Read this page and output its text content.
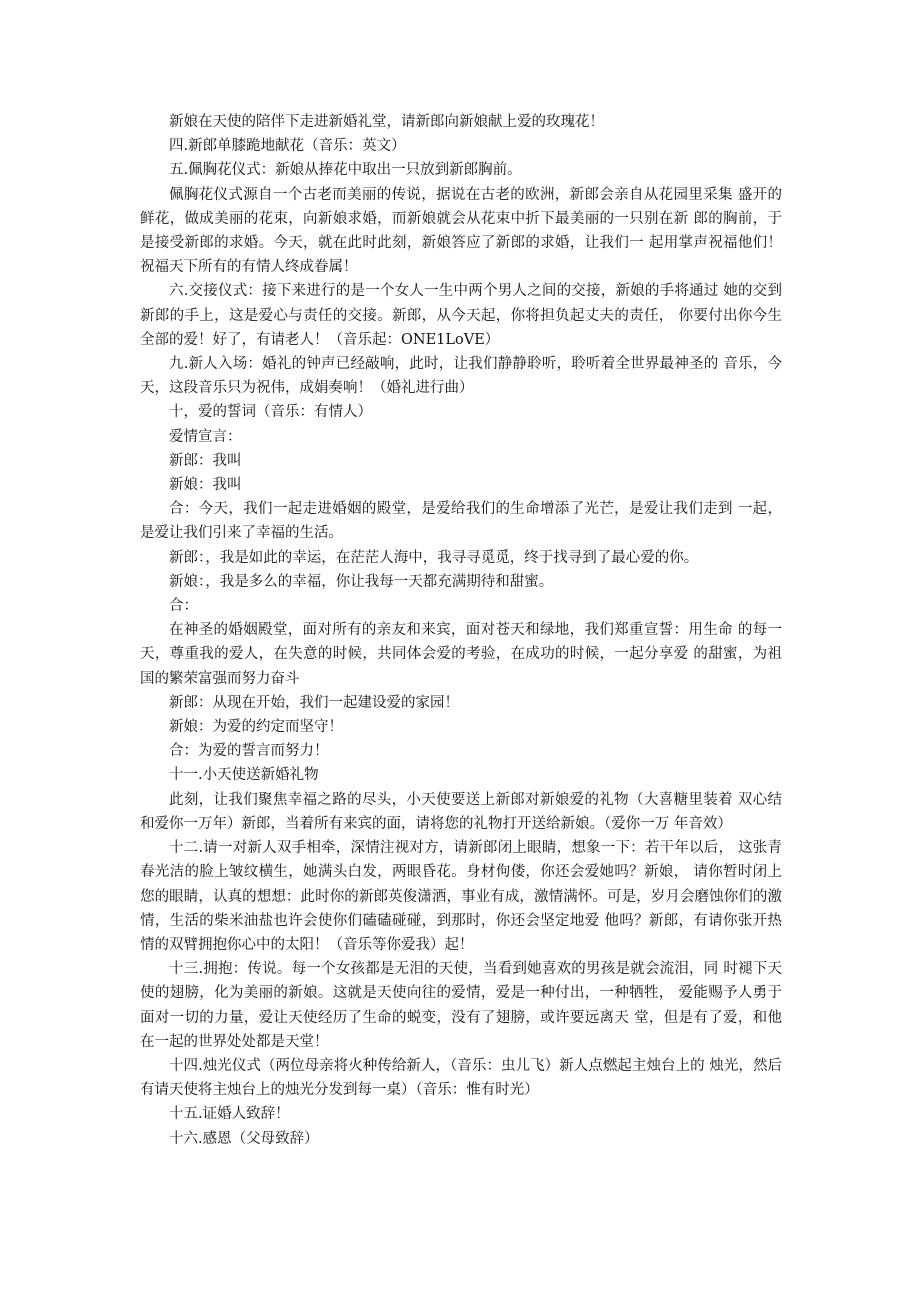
新娘在天使的陪伴下走进新婚礼堂，请新郎向新娘献上爱的玫瑰花！

四.新郎单膝跪地献花（音乐：英文）

五.佩胸花仪式：新娘从捧花中取出一只放到新郎胸前。

佩胸花仪式源自一个古老而美丽的传说，据说在古老的欧洲，新郎会亲自从花园里采集 盛开的鲜花，做成美丽的花束，向新娘求婚，而新娘就会从花束中折下最美丽的一只别在新 郎的胸前，于是接受新郎的求婚。今天，就在此时此刻，新娘答应了新郎的求婚，让我们一 起用掌声祝福他们！祝福天下所有的有情人终成眷属！

六.交接仪式：接下来进行的是一个女人一生中两个男人之间的交接，新娘的手将通过 她的交到新郎的手上，这是爱心与责任的交接。新郎，从今天起，你将担负起丈夫的责任， 你要付出你今生全部的爱！好了，有请老人！（音乐起：ONE1LoVE）

九.新人入场：婚礼的钟声已经敲响，此时，让我们静静聆听，聆听着全世界最神圣的 音乐，今天，这段音乐只为祝伟，成娟奏响！（婚礼进行曲）

十，爱的誓词（音乐：有情人）

爱情宣言：

新郎：我叫

新娘：我叫

合：今天，我们一起走进婚姻的殿堂，是爱给我们的生命增添了光芒，是爱让我们走到 一起，是爱让我们引来了幸福的生活。

新郎：，我是如此的幸运，在茫茫人海中，我寻寻觅觅，终于找寻到了最心爱的你。

新娘：，我是多么的幸福，你让我每一天都充满期待和甜蜜。

合：

在神圣的婚姻殿堂，面对所有的亲友和来宾，面对苍天和绿地，我们郑重宣誓：用生命 的每一天，尊重我的爱人，在失意的时候，共同体会爱的考验，在成功的时候，一起分享爱 的甜蜜，为祖国的繁荣富强而努力奋斗

新郎：从现在开始，我们一起建设爱的家园！

新娘：为爱的约定而坚守！

合：为爱的誓言而努力！

十一.小天使送新婚礼物

此刻，让我们聚焦幸福之路的尽头，小天使要送上新郎对新娘爱的礼物（大喜糖里装着 双心结和爱你一万年）新郎，当着所有来宾的面，请将您的礼物打开送给新娘。（爱你一万 年音效）

十二.请一对新人双手相牵，深情注视对方，请新郎闭上眼睛，想象一下：若干年以后， 这张青春光洁的脸上皱纹横生，她满头白发，两眼昏花。身材佝偻，你还会爱她吗？新娘， 请你暂时闭上您的眼睛，认真的想想：此时你的新郎英俊潇洒，事业有成，激情满怀。可是，岁月会磨蚀你们的激情，生活的柴米油盐也许会使你们磕磕碰碰，到那时，你还会坚定地爱 他吗？新郎，有请你张开热情的双臂拥抱你心中的太阳！（音乐等你爱我）起！

十三.拥抱：传说。每一个女孩都是无泪的天使，当看到她喜欢的男孩是就会流泪，同 时褪下天使的翅膀，化为美丽的新娘。这就是天使向往的爱情，爱是一种付出，一种牺牲， 爱能赐予人勇于面对一切的力量，爱让天使经历了生命的蜕变，没有了翅膀，或许要远离天 堂，但是有了爱，和他在一起的世界处处都是天堂！

十四.烛光仪式（两位母亲将火种传给新人，（音乐：虫儿飞）新人点燃起主烛台上的 烛光，然后有请天使将主烛台上的烛光分发到每一桌）（音乐：惟有时光）

十五.证婚人致辞！

十六.感恩（父母致辞）
